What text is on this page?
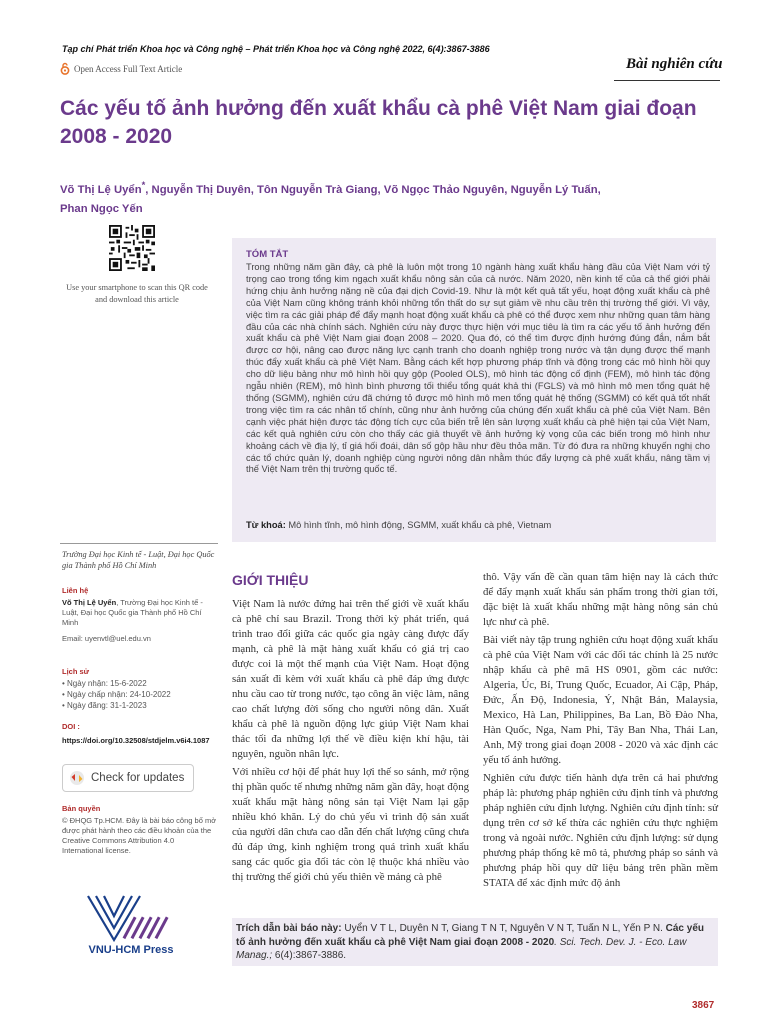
Tạp chí Phát triển Khoa học và Công nghệ – Phát triển Khoa học và Công nghệ 2022, 6(4):3867-3886
Open Access Full Text Article	Bài nghiên cứu
Các yếu tố ảnh hưởng đến xuất khẩu cà phê Việt Nam giai đoạn 2008 - 2020
Võ Thị Lệ Uyển*, Nguyễn Thị Duyên, Tôn Nguyễn Trà Giang, Võ Ngọc Thảo Nguyên, Nguyễn Lý Tuấn,
Phan Ngọc Yến
Use your smartphone to scan this QR code and download this article
TÓM TẮT
Trong những năm gần đây, cà phê là luôn một trong 10 ngành hàng xuất khẩu hàng đầu của Việt Nam với tỷ trọng cao trong tổng kim ngạch xuất khẩu nông sản của cả nước. Năm 2020, nền kinh tế của cả thế giới phải hứng chịu ảnh hưởng nặng nề của đại dịch Covid-19. Như là một kết quả tất yếu, hoạt động xuất khẩu cà phê của Việt Nam cũng không tránh khỏi những tổn thất do sự sụt giảm về nhu cầu trên thị trường thế giới. Vì vậy, việc tìm ra các giải pháp để đẩy mạnh hoạt động xuất khẩu cà phê có thể được xem như những quan tâm hàng đầu của các nhà chính sách. Nghiên cứu này được thực hiện với mục tiêu là tìm ra các yếu tố ảnh hưởng đến xuất khẩu cà phê Việt Nam giai đoạn 2008 – 2020. Qua đó, có thể tìm được định hướng đúng đắn, nắm bắt được cơ hội, nâng cao được năng lực cạnh tranh cho doanh nghiệp trong nước và tận dụng được thế mạnh thúc đẩy xuất khẩu cà phê Việt Nam. Bằng cách kết hợp phương pháp tĩnh và động trong các mô hình hồi quy cho dữ liệu bảng như mô hình hồi quy gộp (Pooled OLS), mô hình tác động cố định (FEM), mô hình tác động ngẫu nhiên (REM), mô hình bình phương tối thiểu tổng quát khả thi (FGLS) và mô hình mô men tổng quát hệ thống (SGMM), nghiên cứu đã chứng tỏ được mô hình mô men tổng quát hệ thống (SGMM) có kết quả tốt nhất trong việc tìm ra các nhân tố chính, cũng như ảnh hưởng của chúng đến xuất khẩu cà phê của Việt Nam. Bên cạnh việc phát hiện được tác động tích cực của biến trễ lên sản lượng xuất khẩu cà phê hiện tại của Việt Nam, các kết quả nghiên cứu còn cho thấy các giả thuyết về ảnh hưởng kỳ vọng của các biến trong mô hình như khoảng cách về địa lý, tỉ giá hối đoái, dân số gộp hầu như đều thỏa mãn. Từ đó đưa ra những khuyến nghị cho các tổ chức quản lý, doanh nghiệp cùng người nông dân nhằm thúc đẩy lượng cà phê xuất khẩu, nâng tầm vị thế Việt Nam trên thị trường quốc tế.
Từ khoá: Mô hình tĩnh, mô hình động, SGMM, xuất khẩu cà phê, Vietnam
Trường Đại học Kinh tế - Luật, Đại học Quốc gia Thành phố Hồ Chí Minh
Liên hệ
Võ Thị Lệ Uyển, Trường Đại học Kinh tế - Luật, Đại học Quốc gia Thành phố Hồ Chí Minh
Email: uyenvtl@uel.edu.vn
Lịch sử
• Ngày nhận: 15-6-2022
• Ngày chấp nhận: 24-10-2022
• Ngày đăng: 31-1-2023
DOI :
https://doi.org/10.32508/stdjelm.v6i4.1087
Check for updates
Bản quyền
© ĐHQG Tp.HCM. Đây là bài báo công bố mở được phát hành theo các điều khoản của the Creative Commons Attribution 4.0 International license.
VNU-HCM Press
GIỚI THIỆU

Việt Nam là nước đứng hai trên thế giới về xuất khẩu cà phê chỉ sau Brazil. Trong thời kỳ phát triển, quá trình trao đổi giữa các quốc gia ngày càng được đẩy mạnh, cà phê là mặt hàng xuất khẩu có giá trị cao được coi là một thế mạnh của Việt Nam. Hoạt động sản xuất đi kèm với xuất khẩu cà phê đáp ứng được nhu cầu cao từ trong nước, tạo công ăn việc làm, nâng cao chất lượng đời sống cho người nông dân. Xuất khẩu cà phê là nguồn động lực giúp Việt Nam khai thác tối đa những lợi thế về điều kiện khí hậu, tài nguyên, nguồn nhân lực.

Với nhiều cơ hội để phát huy lợi thế so sánh, mở rộng thị phần quốc tế nhưng những năm gần đây, hoạt động xuất khẩu mặt hàng nông sản tại Việt Nam lại gặp nhiều khó khăn. Lý do chủ yếu vì trình độ sản xuất của người dân chưa cao dẫn đến chất lượng cũng chưa đủ đáp ứng, kinh nghiệm trong quá trình xuất khẩu sang các quốc gia đối tác còn lệ thuộc khá nhiều vào thị trường thế giới chủ yếu thiên về mảng cà phê

thô. Vậy vấn đề cần quan tâm hiện nay là cách thức để đẩy mạnh xuất khẩu sản phẩm trong thời gian tới, đặc biệt là xuất khẩu những mặt hàng nông sản chủ lực như cà phê.

Bài viết này tập trung nghiên cứu hoạt động xuất khẩu cà phê của Việt Nam với các đối tác chính là 25 nước nhập khẩu cà phê mã HS 0901, gồm các nước: Algeria, Úc, Bỉ, Trung Quốc, Ecuador, Ai Cập, Pháp, Đức, Ấn Độ, Indonesia, Ý, Nhật Bản, Malaysia, Mexico, Hà Lan, Philippines, Ba Lan, Bồ Đào Nha, Hàn Quốc, Nga, Nam Phi, Tây Ban Nha, Thái Lan, Anh, Mỹ trong giai đoạn 2008 - 2020 và xác định các yếu tố ảnh hưởng.

Nghiên cứu được tiến hành dựa trên cả hai phương pháp là: phương pháp nghiên cứu định tính và phương pháp nghiên cứu định lượng. Nghiên cứu định tính: sử dụng trên cơ sở kế thừa các nghiên cứu thực nghiệm trong và ngoài nước. Nghiên cứu định lượng: sử dụng phương pháp thống kê mô tả, phương pháp so sánh và phương pháp hồi quy dữ liệu bảng trên phần mềm STATA để xác định mức độ ảnh

Trích dẫn bài báo này: Uyển V T L, Duyên N T, Giang T N T, Nguyên V N T, Tuấn N L, Yến P N. Các yếu tố ảnh hưởng đến xuất khẩu cà phê Việt Nam giai đoạn 2008 - 2020. Sci. Tech. Dev. J. - Eco. Law Manag.; 6(4):3867-3886.
3867
